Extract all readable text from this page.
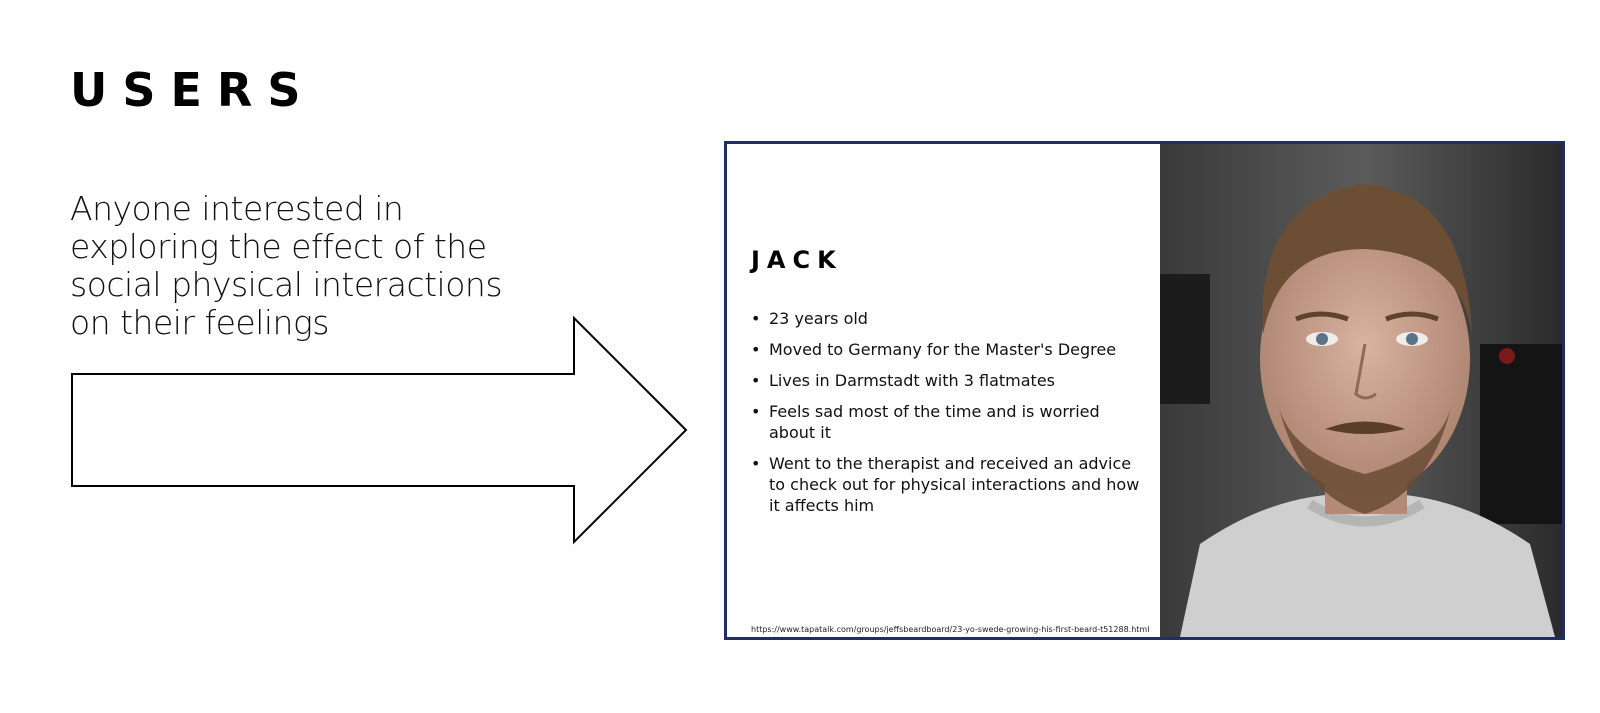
USERS
Anyone interested in exploring the effect of the social physical interactions on their feelings
JACK
• 23 years old
• Moved to Germany for the Master's Degree
• Lives in Darmstadt with 3 flatmates
• Feels sad most of the time and is worried about it
• Went to the therapist and received an advice to check out for physical interactions and how it affects him
https://www.tapatalk.com/groups/jeffsbeardboard/23-yo-swede-growing-his-first-beard-t51288.html
